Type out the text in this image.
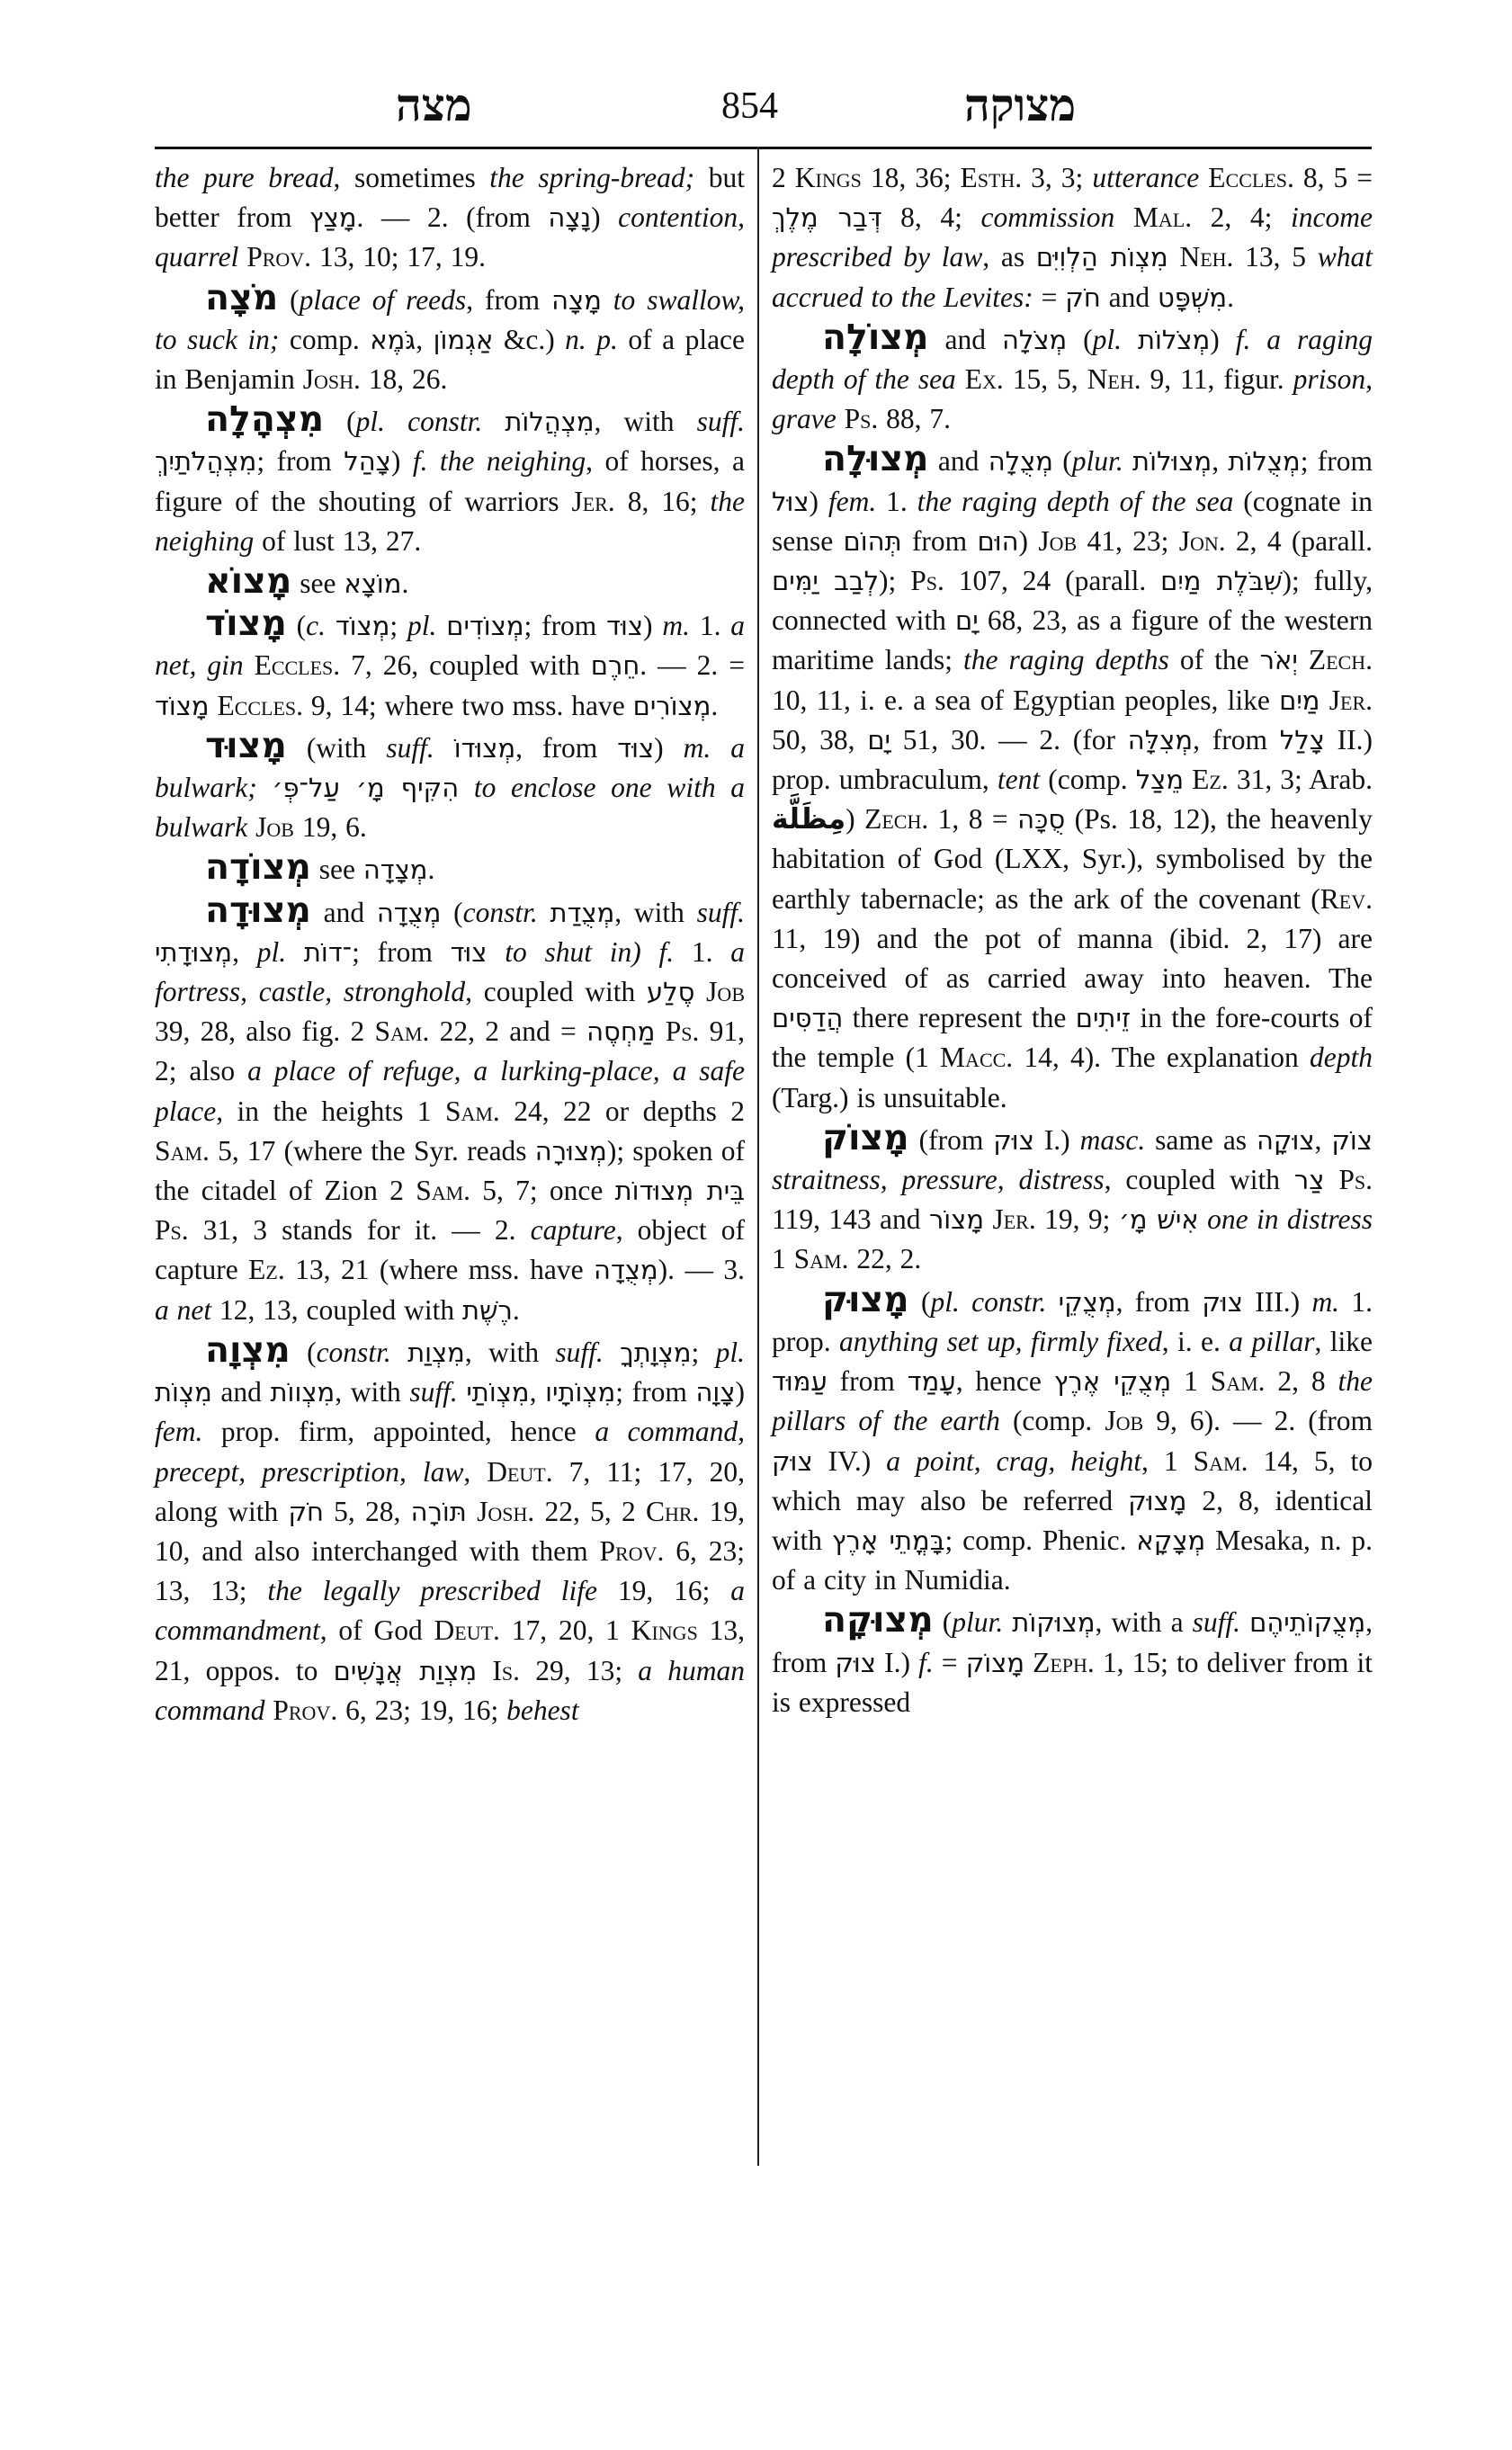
מצה	854	מצוקה

the pure bread, sometimes the spring-bread; but better from מָצַץ. — 2. (from נָצָה) contention, quarrel Prov. 13, 10; 17, 19.

מֹצָה (place of reeds, from מָצָה to swallow, to suck in; comp. גֹּמֶא, אַגְמוֹן &c.) n. p. of a place in Benjamin Josh. 18, 26.

מִצְהָלָה (pl. constr. מִצְהֲלוֹת, with suff. מִצְהֲלֹתַיִךְ; from צָהַל) f. the neighing, of horses, a figure of the shouting of warriors Jer. 8, 16; the neighing of lust 13, 27.

מָצוֹא see מוֹצָא.

מָצוֹד (c. מְצוֹד; pl. מְצוֹדִים; from צוּד) m. 1. a net, gin Eccles. 7, 26, coupled with חֵרֶם. — 2. = מָצוֹד Eccles. 9, 14; where two mss. have מְצוֹרִים.

מָצוּד (with suff. מְצוּדוֹ, from צוּד) m. a bulwark; הִקִּיף מָ׳ עַל־פְּ׳ to enclose one with a bulwark Job 19, 6.

מְצוֹדָה see מְצָדָה.

מְצוּדָה and מְצֻדָה (constr. מְצֻדַת, with suff. מְצוּדָתִי, pl. ־דוֹת; from צוּד to shut in) f. 1. a fortress, castle, stronghold, coupled with סֶלַע Job 39, 28, also fig. 2 Sam. 22, 2 and = מַחְסֶה Ps. 91, 2; also a place of refuge, a lurking-place, a safe place, in the heights 1 Sam. 24, 22 or depths 2 Sam. 5, 17 (where the Syr. reads מְצוּרָה); spoken of the citadel of Zion 2 Sam. 5, 7; once בֵּית מְצוּדוֹת Ps. 31, 3 stands for it. — 2. capture, object of capture Ez. 13, 21 (where mss. have מְצֻדָה). — 3. a net 12, 13, coupled with רֶשֶׁת.

מִצְוָה (constr. מִצְוַת, with suff. מִצְוָתְךָ; pl. מִצְוֹת and מִצְווֹת, with suff. מִצְוֹתַי, מִצְוֹתָיו; from צָוָה) fem. prop. firm, appointed, hence a command, precept, prescription, law, Deut. 7, 11; 17, 20, along with חֹק 5, 28, תּוֹרָה Josh. 22, 5, 2 Chr. 19, 10, and also interchanged with them Prov. 6, 23; 13, 13; the legally prescribed life 19, 16; a commandment, of God Deut. 17, 20, 1 Kings 13, 21, oppos. to מִצְוַת אֲנָשִׁים Is. 29, 13; a human command Prov. 6, 23; 19, 16; behest

2 Kings 18, 36; Esth. 3, 3; utterance Eccles. 8, 5 = דְּבַר מֶלֶךְ 8, 4; commission Mal. 2, 4; income prescribed by law, as מִצְוֹת הַלְוִיִּם Neh. 13, 5 what accrued to the Levites: = חֹק and מִשְׁפָּט.

מְצוֹלָה and מְצֹלָה (pl. מְצֹלוֹת) f. a raging depth of the sea Ex. 15, 5, Neh. 9, 11, figur. prison, grave Ps. 88, 7.

מְצוּלָה and מְצֻלָה (plur. מְצוּלוֹת, מְצֻלוֹת; from צוּל) fem. 1. the raging depth of the sea (cognate in sense תְּהוֹם from הוּם) Job 41, 23; Jon. 2, 4 (parall. לְבַב יַמִּים); Ps. 107, 24 (parall. שִׁבֹּלֶת מַיִם); fully, connected with יָם 68, 23, as a figure of the western maritime lands; the raging depths of the יְאֹר Zech. 10, 11, i. e. a sea of Egyptian peoples, like מַיִם Jer. 50, 38, יָם 51, 30. — 2. (for מְצִלָּה, from צָלַל II.) prop. umbraculum, tent (comp. מֵצַל Ez. 31, 3; Arab. مِظَلَّة) Zech. 1, 8 = סֻכָּה (Ps. 18, 12), the heavenly habitation of God (LXX, Syr.), symbolised by the earthly tabernacle; as the ark of the covenant (Rev. 11, 19) and the pot of manna (ibid. 2, 17) are conceived of as carried away into heaven. The הֲדַסִּים there represent the זֵיתִים in the fore-courts of the temple (1 Macc. 14, 4). The explanation depth (Targ.) is unsuitable.

מָצוֹק (from צוּק I.) masc. same as צוּקָה, צוֹק straitness, pressure, distress, coupled with צַר Ps. 119, 143 and מָצוֹר Jer. 19, 9; אִישׁ מָ׳ one in distress 1 Sam. 22, 2.

מָצוּק (pl. constr. מְצֻקֵי, from צוּק III.) m. 1. prop. anything set up, firmly fixed, i. e. a pillar, like עַמּוּד from עָמַד, hence מְצֻקֵי אֶרֶץ 1 Sam. 2, 8 the pillars of the earth (comp. Job 9, 6). — 2. (from צוּק IV.) a point, crag, height, 1 Sam. 14, 5, to which may also be referred מָצוּק 2, 8, identical with בָּמֳתֵי אָרֶץ; comp. Phenic. מְצָקָא Mesaka, n. p. of a city in Numidia.

מְצוּקָה (plur. מְצוּקוֹת, with a suff. מְצֻקוֹתֵיהֶם, from צוּק I.) f. = מָצוֹק Zeph. 1, 15; to deliver from it is expressed
